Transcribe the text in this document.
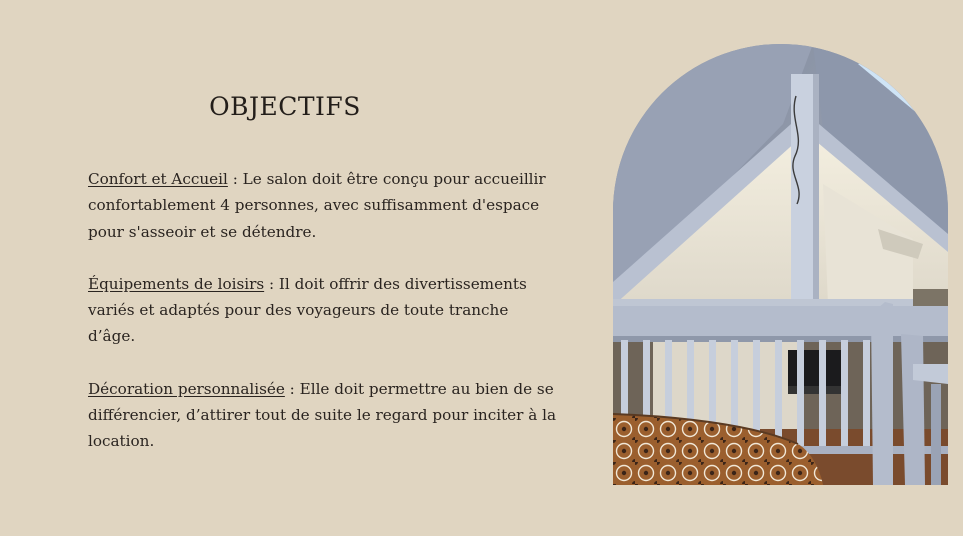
OBJECTIFS

Confort et Accueil : Le salon doit être conçu pour accueillir confortablement 4 personnes, avec suffisamment d'espace pour s'asseoir et se détendre.

Équipements de loisirs : Il doit offrir des divertissements variés et adaptés pour des voyageurs de toute tranche d’âge.

Décoration personnalisée : Elle doit permettre au bien de se différencier, d’attirer tout de suite le regard pour inciter à la location.
